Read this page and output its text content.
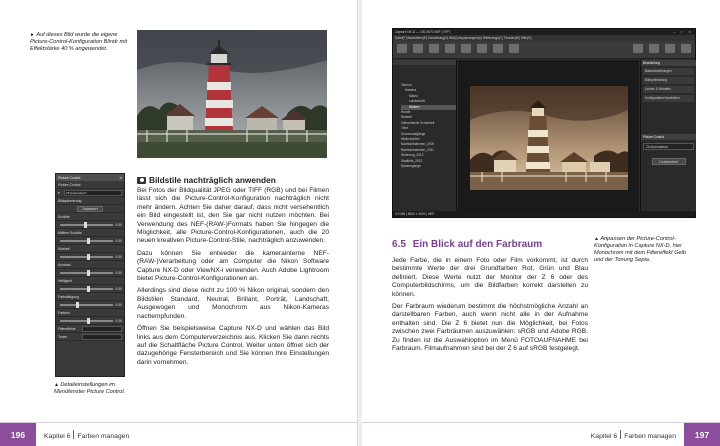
► Auf dieses Bild wurde die eigene Picture-Control-Konfiguration Blindr mit Effektstärke 40 % angewendet.
Picture Control	✕
Picture Control
▾	Z6 Automatisch
Bildoptimierung
Anpassen
Schärfe
0.00
Mittlere Schärfe
0.00
Klarheit
0.00
Kontrast
0.00
Helligkeit
0.00
Farbsättigung
0.00
Farbton
0.00
Filtereffekte
Tonen
▲ Detaileinstellungen im Menüfenster Picture Control.
Bildstile nachträglich anwenden

Bei Fotos der Bildqualität JPEG oder TIFF (RGB) und bei Filmen lässt sich die Picture-Control-Konfiguration nachträglich nicht mehr ändern. Achten Sie daher darauf, dass nicht versehentlich ein Bild eingestellt ist, den Sie gar nicht nutzen möchten. Bei Verwendung des NEF-(RAW-)Formats haben Sie hingegen die Möglichkeit, alle Picture-Control-Konfigurationen, auch die 20 neuen kreativen Picture-Control-Stile, nachträglich anzuwenden.

Dazu können Sie entweder die kamerainterne NEF-(RAW-)Verarbeitung oder am Computer die Nikon Software Capture NX-D oder ViewNX-i verwenden. Auch Adobe Lightroom bietet Picture-Control-Konfigurationen an.

Allerdings sind diese nicht zu 100 % Nikon original, sondern den Bildstilen Standard, Neutral, Brillant, Porträt, Landschaft, Ausgewogen und Monochrom aus Nikon-Kameras nachempfunden.

Öffnen Sie beispielsweise Capture NX-D und wählen das Bild links aus dem Computerverzeichnis aus. Klicken Sie dann rechts auf die Schaltfläche Picture Control. Weiter unten öffnet sich der dazugehörige Fensterbereich und Sie können Ihre Einstellungen darin vornehmen.

196	Kapitel 6 Farben managen
Capture NX-D — 130-4670.NEF (TIFF)	– ▢ ✕
Datei(F) Bearbeiten(E) Darstellung(V) Bild(I) Anpassungen(A) Werkzeuge(T) Fenster(W) Hilfe(H)
Tamron
Kamera
Makro
Landschaft
Wolken
Hunde
Himmel
Gärtnerische Schönheit
Tiere
Sonnenaufgänge
Weihnachten
Nachtaufnahmen_2000
Nachtaufnahmen_2011
Wohnung_2012
Stadtbild_2013
Spaziergänge
Bearbeitung
Basiseinstellungen
Bildoptimierung
Lichter & Schatten
Konfiguration bearbeiten
Picture Control
Z6 Automatisch
Zurücksetzen
3.9 MB | 6000 × 4000 | NEF
▲ Anpassen der Picture-Control-Konfiguration in Capture NX-D, hier Monochrom mit dem Filtereffekt Gelb und der Tonung Sepia.
6.5 Ein Blick auf den Farbraum

Jede Farbe, die in einem Foto oder Film vorkommt, ist durch bestimmte Werte der drei Grundfarben Rot, Grün und Blau definiert. Diese Werte nutzt der Monitor der Z 6 oder des Computerbildschirms, um die Bildfarben korrekt darstellen zu können.

Der Farbraum wiederum bestimmt die höchstmögliche Anzahl an darstellbaren Farben, auch wenn nicht alle in der Aufnahme enthalten sind. Die Z 6 bietet nun die Möglichkeit, bei Fotos zwischen zwei Farbräumen auszuwählen: sRGB und Adobe RGB. Zu finden ist die Auswahloption im Menü FOTOAUFNAHME bei Farbraum. Filmaufnahmen sind bei der Z 6 auf sRGB festgelegt.

Kapitel 6 Farben managen	197
